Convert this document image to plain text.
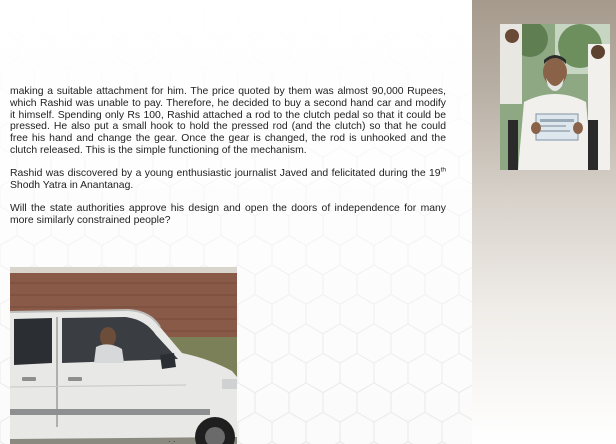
making a suitable attachment for him. The price quoted by them was almost 90,000 Rupees, which Rashid was unable to pay. Therefore, he decided to buy a second hand car and modify it himself. Spending only Rs 100, Rashid attached a rod to the clutch pedal so that it could be pressed. He also put a small hook to hold the pressed rod (and the clutch) so that he could free his hand and change the gear. Once the gear is changed, the rod is unhooked and the clutch released. This is the simple functioning of the mechanism.

Rashid was discovered by a young enthusiastic journalist Javed and felicitated during the 19th Shodh Yatra in Anantanag.

Will the state authorities approve his design and open the doors of independence for many more similarly constrained people?

· ·
